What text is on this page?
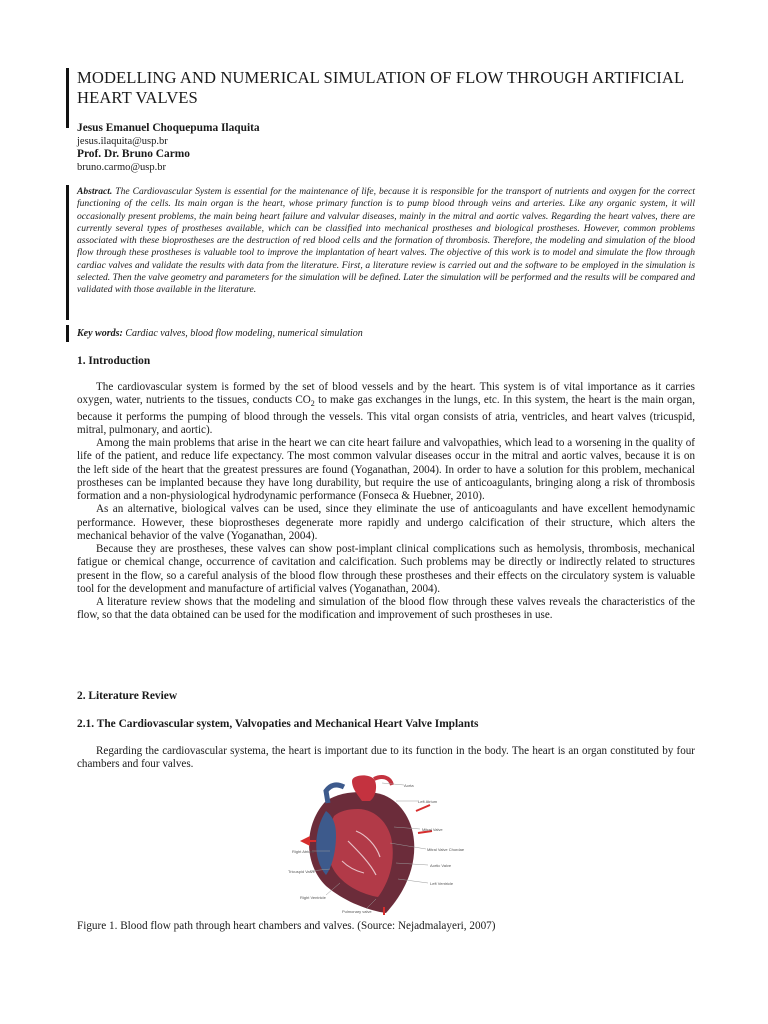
MODELLING AND NUMERICAL SIMULATION OF FLOW THROUGH ARTIFICIAL HEART VALVES
Jesus Emanuel Choquepuma Ilaquita
jesus.ilaquita@usp.br
Prof. Dr. Bruno Carmo
bruno.carmo@usp.br
Abstract. The Cardiovascular System is essential for the maintenance of life, because it is responsible for the transport of nutrients and oxygen for the correct functioning of the cells. Its main organ is the heart, whose primary function is to pump blood through veins and arteries. Like any organic system, it will occasionally present problems, the main being heart failure and valvular diseases, mainly in the mitral and aortic valves. Regarding the heart valves, there are currently several types of prostheses available, which can be classified into mechanical prostheses and biological prostheses. However, common problems associated with these bioprostheses are the destruction of red blood cells and the formation of thrombosis. Therefore, the modeling and simulation of the blood flow through these prostheses is valuable tool to improve the implantation of heart valves. The objective of this work is to model and simulate the flow through cardiac valves and validate the results with data from the literature. First, a literature review is carried out and the software to be employed in the simulation is selected. Then the valve geometry and parameters for the simulation will be defined. Later the simulation will be performed and the results will be compared and validated with those available in the literature.
Key words: Cardiac valves, blood flow modeling, numerical simulation
1. Introduction

The cardiovascular system is formed by the set of blood vessels and by the heart. This system is of vital importance as it carries oxygen, water, nutrients to the tissues, conducts $CO_2$ to make gas exchanges in the lungs, etc. In this system, the heart is the main organ, because it performs the pumping of blood through the vessels. This vital organ consists of atria, ventricles, and heart valves (tricuspid, mitral, pulmonary, and aortic).

Among the main problems that arise in the heart we can cite heart failure and valvopathies, which lead to a worsening in the quality of life of the patient, and reduce life expectancy. The most common valvular diseases occur in the mitral and aortic valves, because it is on the left side of the heart that the greatest pressures are found (Yoganathan, 2004). In order to have a solution for this problem, mechanical prostheses can be implanted because they have long durability, but require the use of anticoagulants, bringing along a risk of thrombosis formation and a non-physiological hydrodynamic performance (Fonseca & Huebner, 2010).

As an alternative, biological valves can be used, since they eliminate the use of anticoagulants and have excellent hemodynamic performance. However, these bioprostheses degenerate more rapidly and undergo calcification of their structure, which alters the mechanical behavior of the valve (Yoganathan, 2004).

Because they are prostheses, these valves can show post-implant clinical complications such as hemolysis, thrombosis, mechanical fatigue or chemical change, occurrence of cavitation and calcification. Such problems may be directly or indirectly related to structures present in the flow, so a careful analysis of the blood flow through these prostheses and their effects on the circulatory system is valuable tool for the development and manufacture of artificial valves (Yoganathan, 2004).

A literature review shows that the modeling and simulation of the blood flow through these valves reveals the characteristics of the flow, so that the data obtained can be used for the modification and improvement of such prostheses in use.

2. Literature Review
2.1. The Cardiovascular system, Valvopaties and Mechanical Heart Valve Implants

Regarding the cardiovascular systema, the heart is important due to its function in the body. The heart is an organ constituted by four chambers and four valves.

Aorta
Left Atrium
Mitral Valve
Mitral Valve Chordae
Aortic Valve
Left Ventricle
Right Atrium
Tricuspid Valve
Right Ventricle
Pulmonary valve
Figure 1. Blood flow path through heart chambers and valves. (Source: Nejadmalayeri, 2007)
